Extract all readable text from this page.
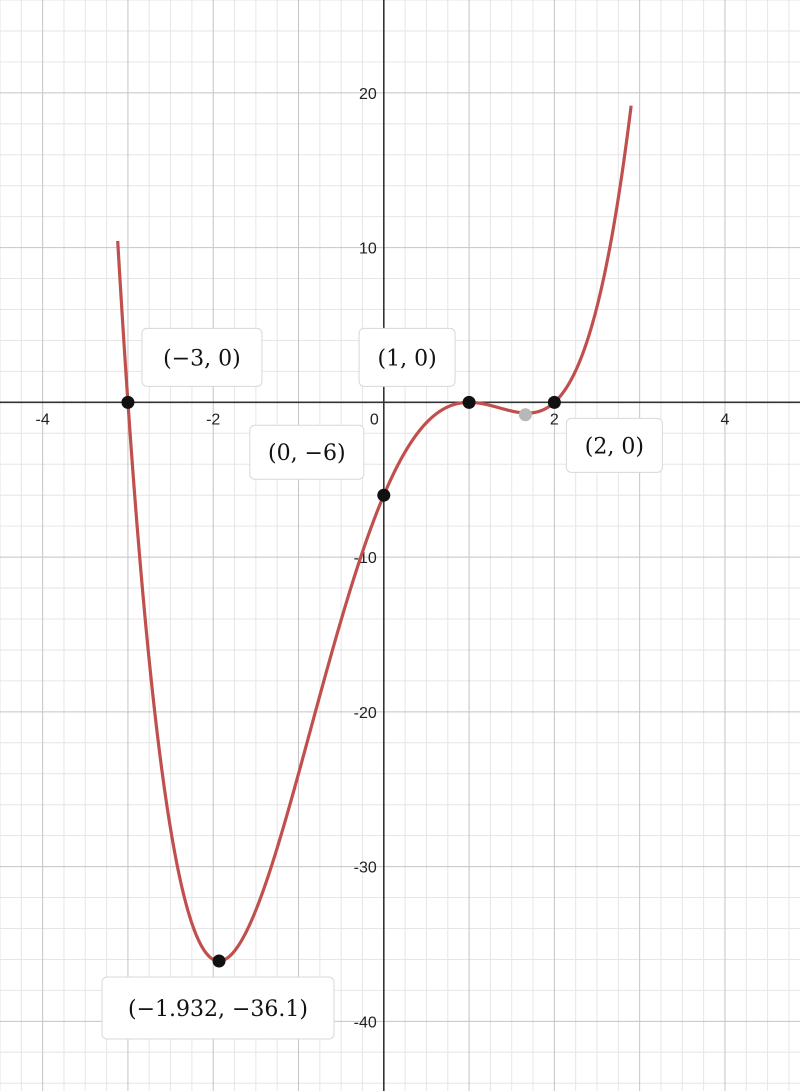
-4	-2	0	2	4
-40
-30
-20
-10
10
20
(−3, 0)
(0, −6)
(1, 0)
(2, 0)
(−1.932, −36.1)
